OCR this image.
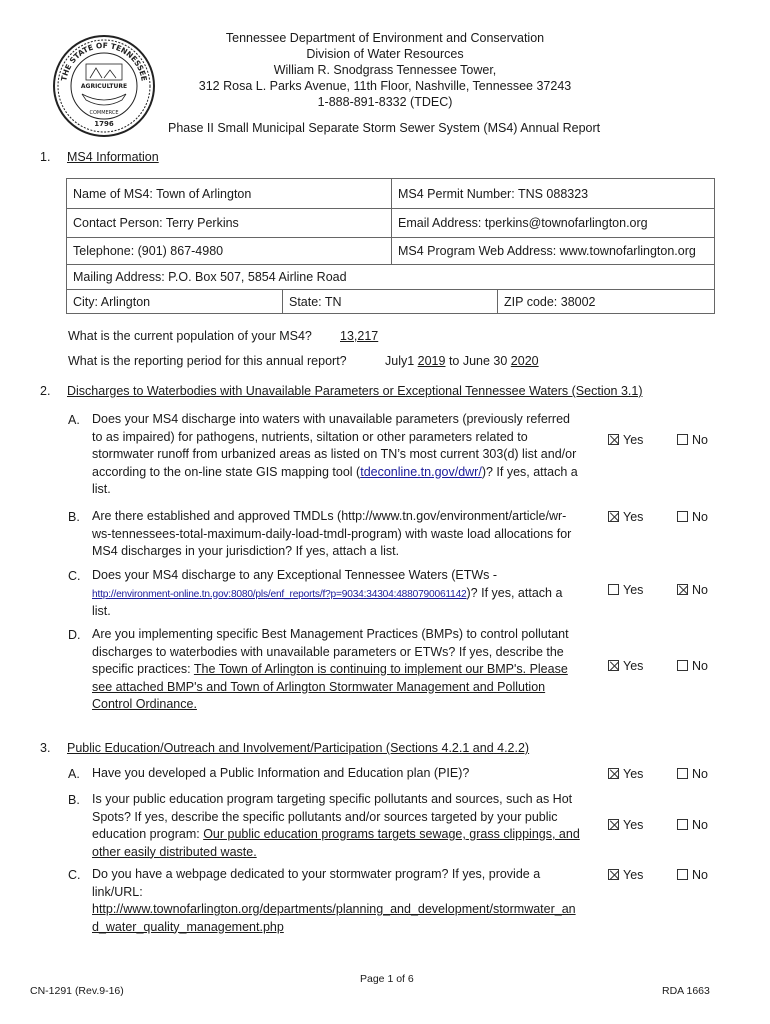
THE STATE OF TENNESSEE
AGRICULTURE
COMMERCE
1796
Tennessee Department of Environment and Conservation
Division of Water Resources
William R. Snodgrass Tennessee Tower,
312 Rosa L. Parks Avenue, 11th Floor, Nashville, Tennessee 37243
1-888-891-8332 (TDEC)
Phase II Small Municipal Separate Storm Sewer System (MS4) Annual Report
1. MS4 Information
Name of MS4: Town of Arlington	MS4 Permit Number: TNS 088323
Contact Person: Terry Perkins	Email Address: tperkins@townofarlington.org
Telephone: (901) 867-4980	MS4 Program Web Address: www.townofarlington.org
Mailing Address: P.O. Box 507, 5854 Airline Road
City: Arlington	State: TN	ZIP code: 38002
What is the current population of your MS4? 13,217
What is the reporting period for this annual report?	July1 2019 to June 30 2020
2. Discharges to Waterbodies with Unavailable Parameters or Exceptional Tennessee Waters (Section 3.1)
A. Does your MS4 discharge into waters with unavailable parameters (previously referred to as impaired) for pathogens, nutrients, siltation or other parameters related to stormwater runoff from urbanized areas as listed on TN’s most current 303(d) list and/or according to the on-line state GIS mapping tool (tdeconline.tn.gov/dwr/)? If yes, attach a list.
Yes	No
B. Are there established and approved TMDLs (http://www.tn.gov/environment/article/wr-ws-tennessees-total-maximum-daily-load-tmdl-program) with waste load allocations for MS4 discharges in your jurisdiction? If yes, attach a list.
Yes	No
C. Does your MS4 discharge to any Exceptional Tennessee Waters (ETWs -
http://environment-online.tn.gov:8080/pls/enf_reports/f?p=9034:34304:4880790061142)? If yes, attach a list.
Yes	No
D. Are you implementing specific Best Management Practices (BMPs) to control pollutant discharges to waterbodies with unavailable parameters or ETWs? If yes, describe the specific practices: The Town of Arlington is continuing to implement our BMP's. Please see attached BMP's and Town of Arlington Stormwater Management and Pollution Control Ordinance.
Yes	No
3. Public Education/Outreach and Involvement/Participation (Sections 4.2.1 and 4.2.2)
A. Have you developed a Public Information and Education plan (PIE)?	Yes	No
B. Is your public education program targeting specific pollutants and sources, such as Hot Spots? If yes, describe the specific pollutants and/or sources targeted by your public education program: Our public education programs targets sewage, grass clippings, and other easily distributed waste.
Yes	No
C. Do you have a webpage dedicated to your stormwater program? If yes, provide a link/URL:
http://www.townofarlington.org/departments/planning_and_development/stormwater_and_water_quality_management.php
Yes	No
Page 1 of 6
CN-1291 (Rev.9-16)	RDA 1663
